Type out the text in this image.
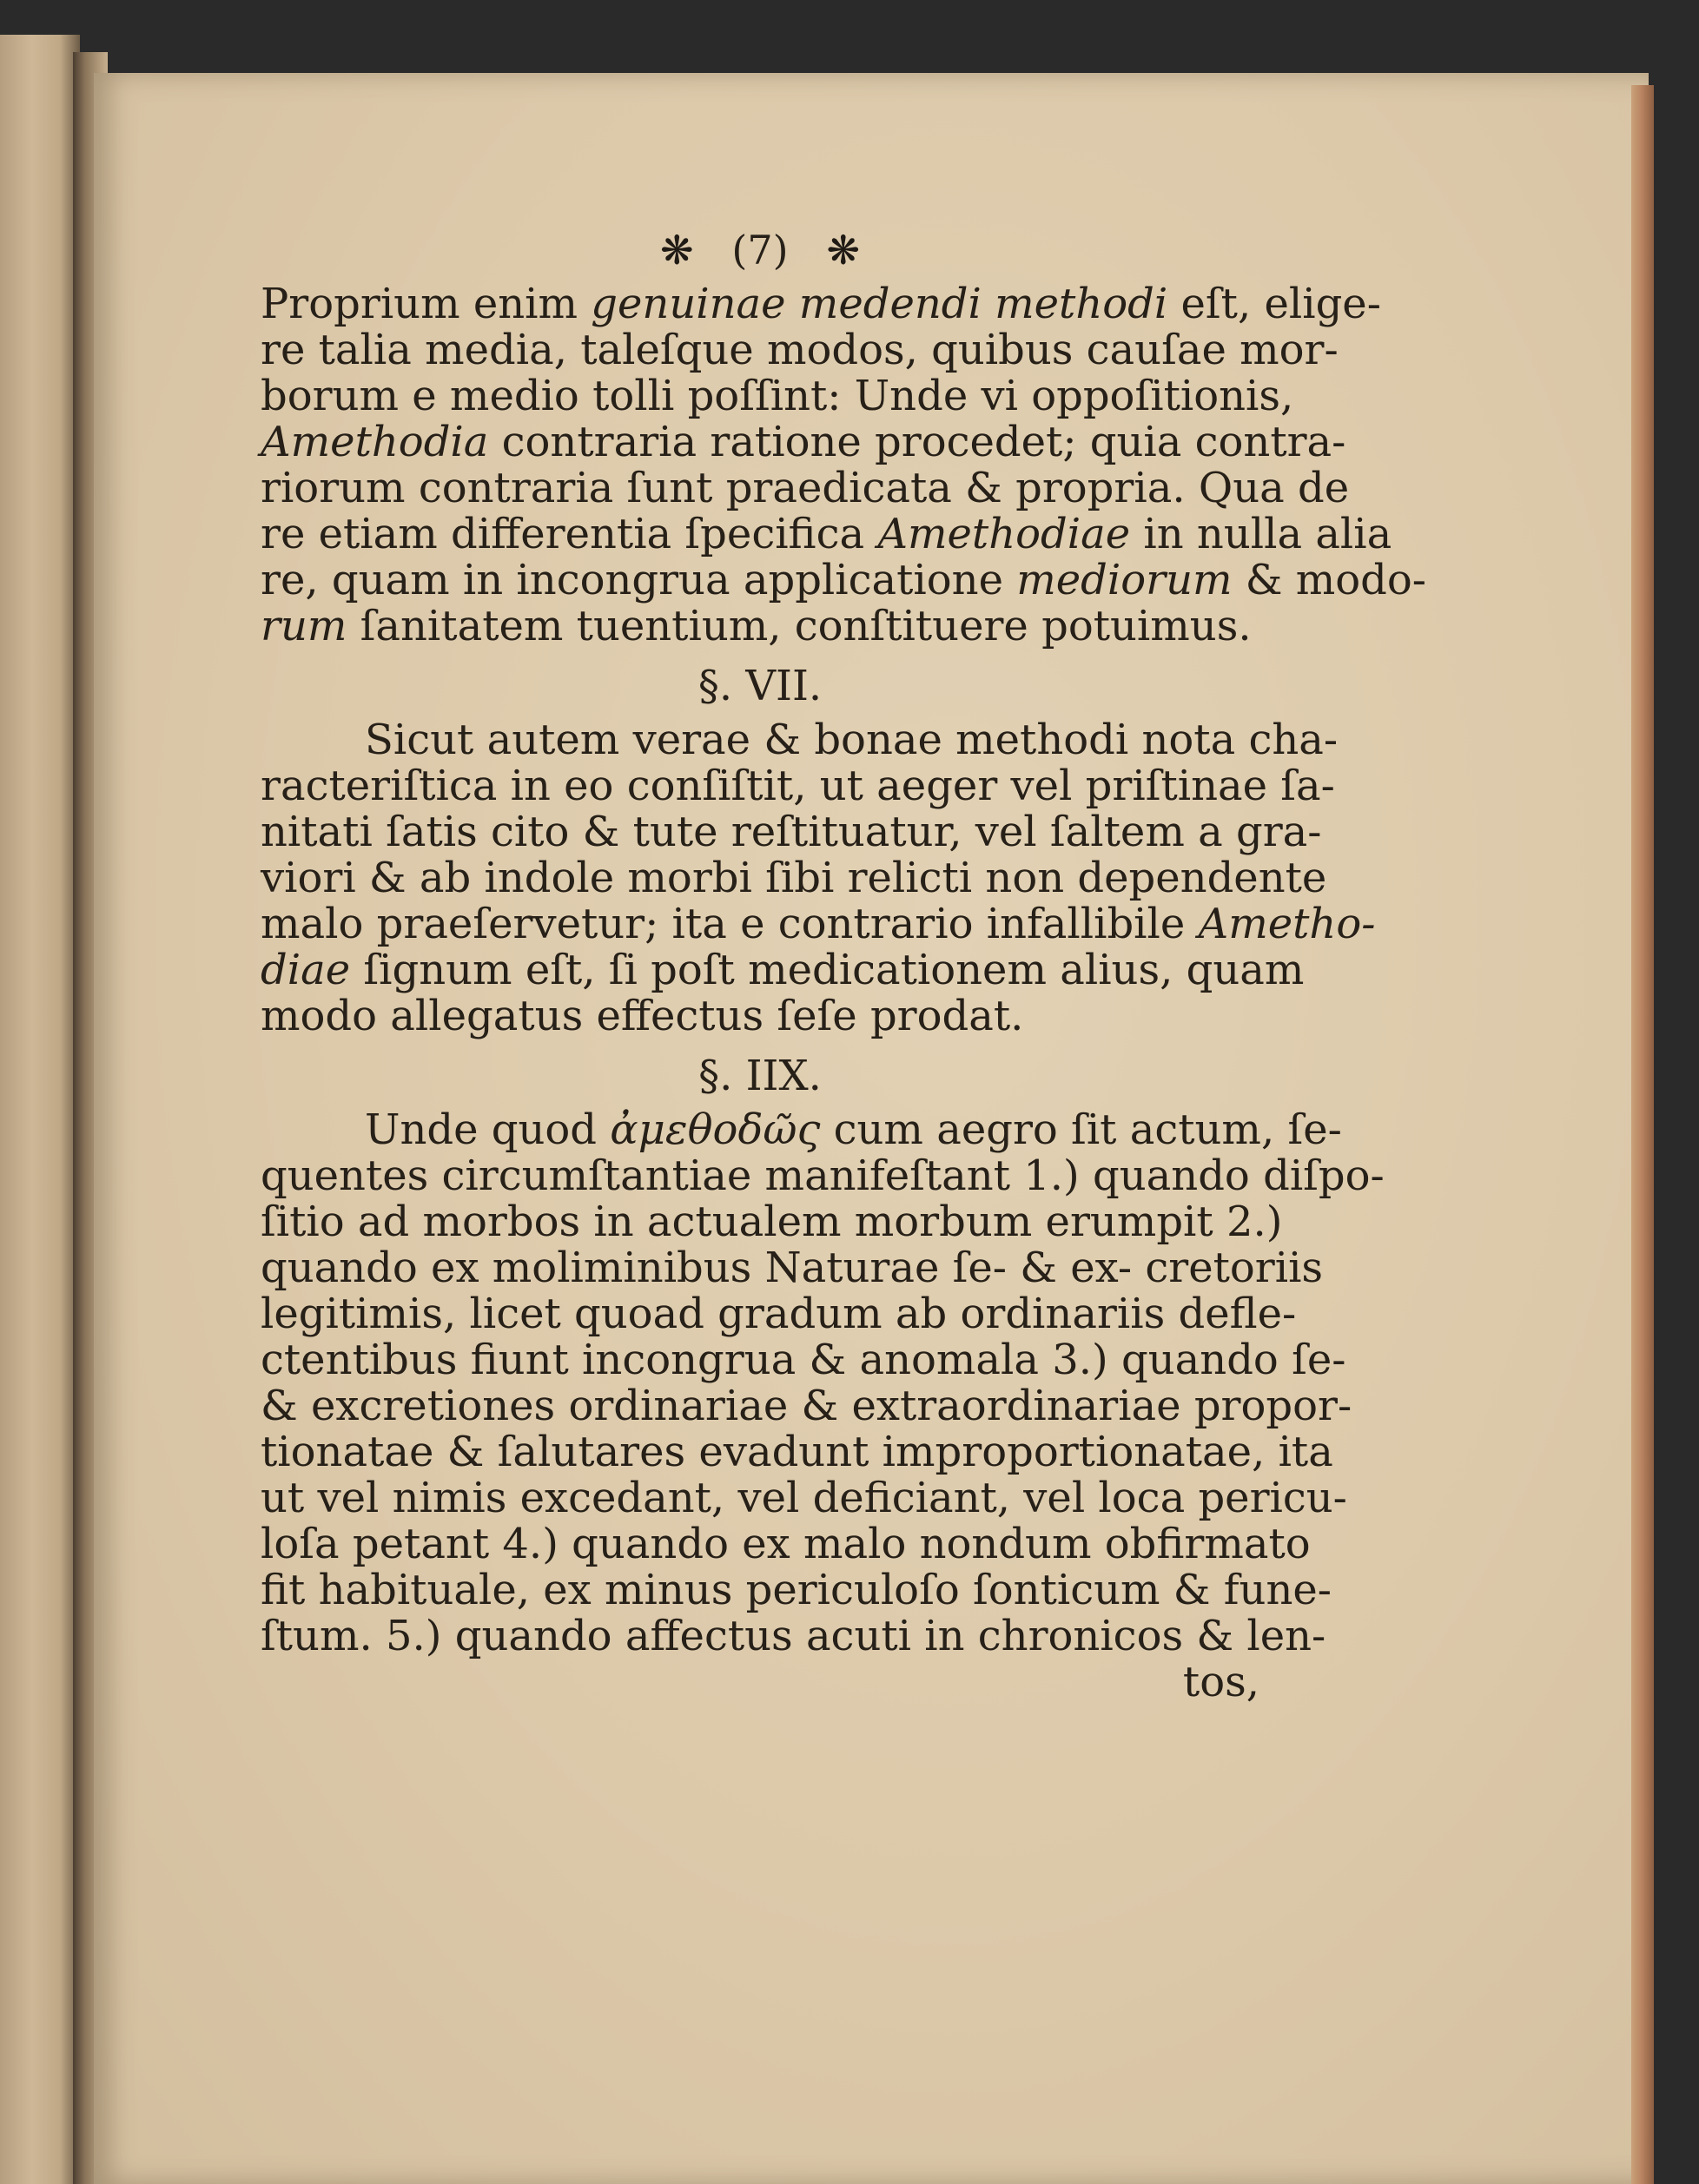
❋ (7) ❋
Proprium enim genuinae medendi methodi eſt, elige-
re talia media, taleſque modos, quibus cauſae mor-
borum e medio tolli poſſint: Unde vi oppoſitionis,
Amethodia contraria ratione procedet; quia contra-
riorum contraria ſunt praedicata & propria. Qua de
re etiam differentia ſpecifica Amethodiae in nulla alia
re, quam in incongrua applicatione mediorum & modo-
rum ſanitatem tuentium, conſtituere potuimus.
§. VII.
Sicut autem verae & bonae methodi nota cha-
racteriſtica in eo conſiſtit, ut aeger vel priſtinae ſa-
nitati ſatis cito & tute reſtituatur, vel ſaltem a gra-
viori & ab indole morbi ſibi relicti non dependente
malo praeſervetur; ita e contrario infallibile Ametho-
diae ſignum eſt, ſi poſt medicationem alius, quam
modo allegatus effectus ſeſe prodat.
§. IIX.
Unde quod ἀμεθοδῶς cum aegro ſit actum, ſe-
quentes circumſtantiae manifeſtant 1.) quando diſpo-
ſitio ad morbos in actualem morbum erumpit 2.)
quando ex moliminibus Naturae ſe- & ex- cretoriis
legitimis, licet quoad gradum ab ordinariis defle-
ctentibus fiunt incongrua & anomala 3.) quando ſe-
& excretiones ordinariae & extraordinariae propor-
tionatae & ſalutares evadunt improportionatae, ita
ut vel nimis excedant, vel deficiant, vel loca pericu-
loſa petant 4.) quando ex malo nondum obfirmato
fit habituale, ex minus periculoſo ſonticum & fune-
ſtum. 5.) quando affectus acuti in chronicos & len-
tos,
